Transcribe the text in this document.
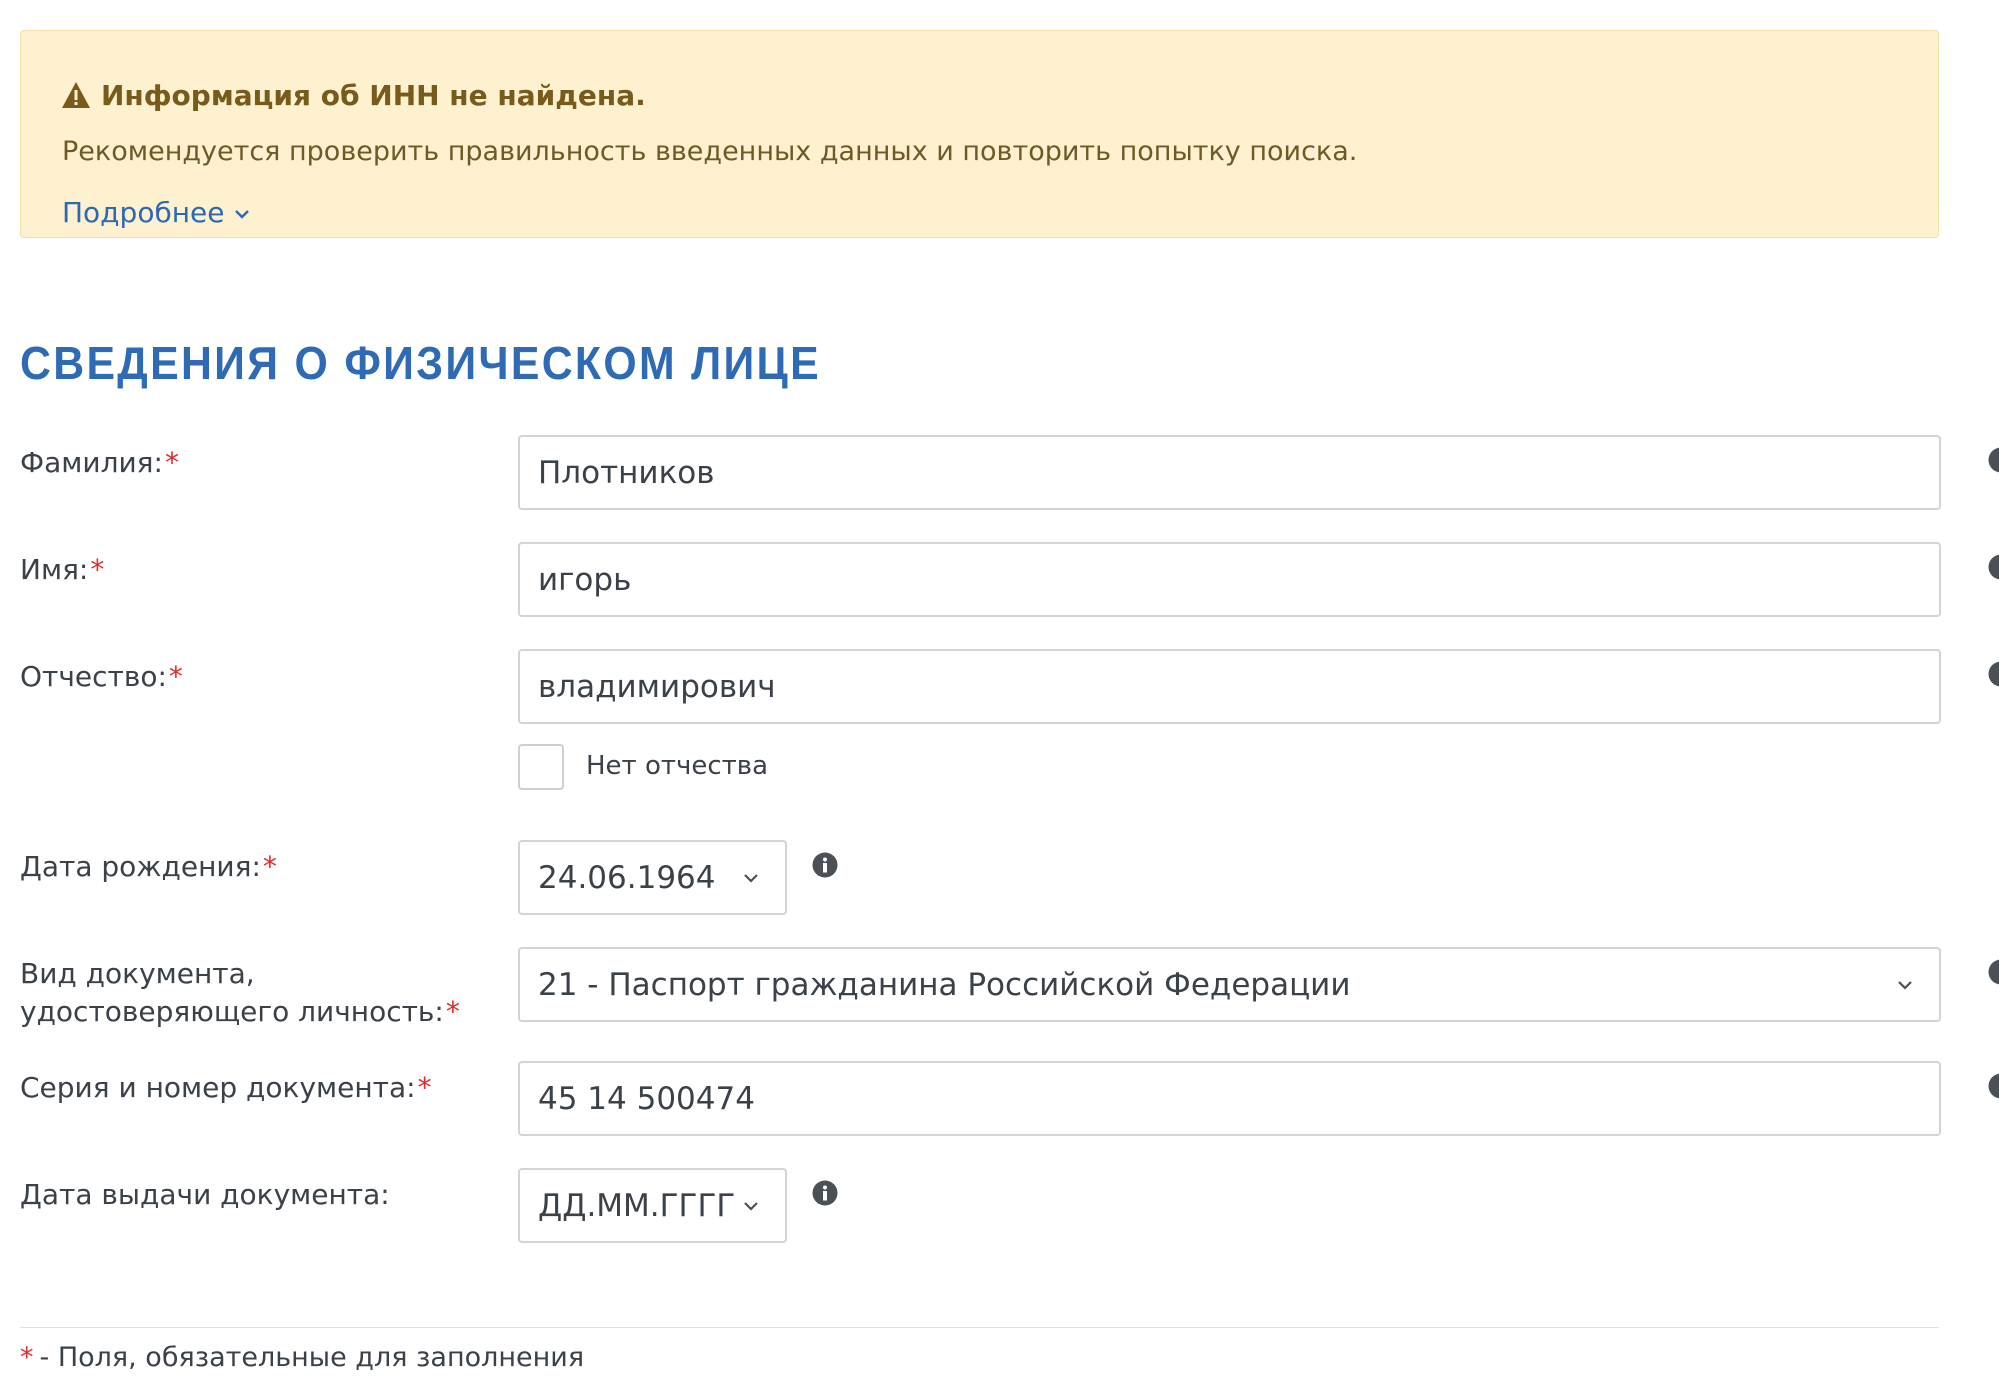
Информация об ИНН не найдена.
Рекомендуется проверить правильность введенных данных и повторить попытку поиска.
Подробнее
СВЕДЕНИЯ О ФИЗИЧЕСКОМ ЛИЦЕ
Фамилия:*
Плотников
Имя:*
игорь
Отчество:*
владимирович
Нет отчества
Дата рождения:*	24.06.1964
Вид документа,
удостоверяющего личность:*
21 - Паспорт гражданина Российской Федерации
Серия и номер документа:*
45 14 500474
Дата выдачи документа:	ДД.ММ.ГГГГ
* - Поля, обязательные для заполнения
